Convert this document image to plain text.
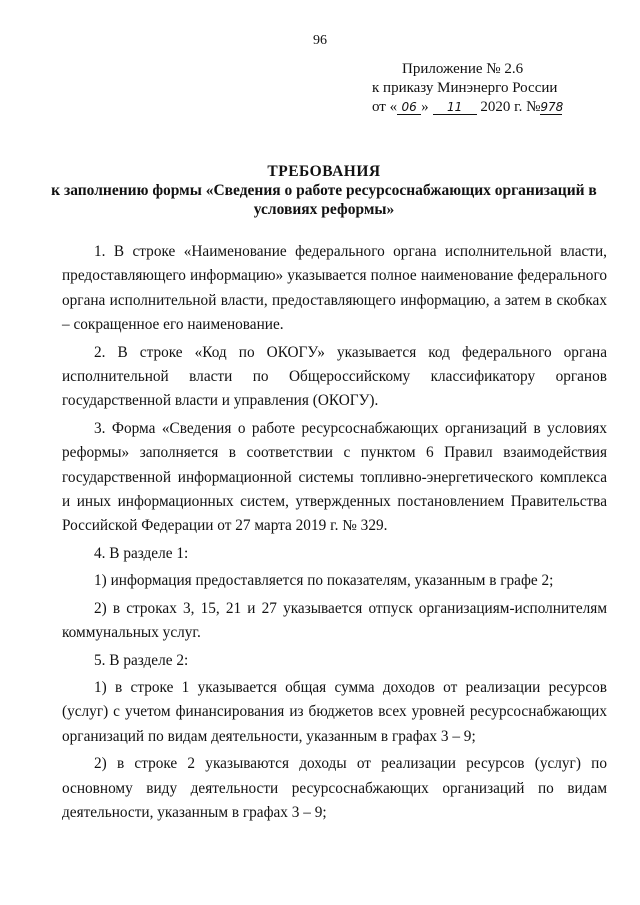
96
Приложение № 2.6
к приказу Минэнерго России
от « 06 » 11 2020 г. №978
ТРЕБОВАНИЯ
к заполнению формы «Сведения о работе ресурсоснабжающих организаций в условиях реформы»

1. В строке «Наименование федерального органа исполнительной власти, предоставляющего информацию» указывается полное наименование федерального органа исполнительной власти, предоставляющего информацию, а затем в скобках – сокращенное его наименование.

2. В строке «Код по ОКОГУ» указывается код федерального органа исполнительной власти по Общероссийскому классификатору органов государственной власти и управления (ОКОГУ).

3. Форма «Сведения о работе ресурсоснабжающих организаций в условиях реформы» заполняется в соответствии с пунктом 6 Правил взаимодействия государственной информационной системы топливно-энергетического комплекса и иных информационных систем, утвержденных постановлением Правительства Российской Федерации от 27 марта 2019 г. № 329.

4. В разделе 1:

1) информация предоставляется по показателям, указанным в графе 2;

2) в строках 3, 15, 21 и 27 указывается отпуск организациям-исполнителям коммунальных услуг.

5. В разделе 2:

1) в строке 1 указывается общая сумма доходов от реализации ресурсов (услуг) с учетом финансирования из бюджетов всех уровней ресурсоснабжающих организаций по видам деятельности, указанным в графах 3 – 9;

2) в строке 2 указываются доходы от реализации ресурсов (услуг) по основному виду деятельности ресурсоснабжающих организаций по видам деятельности, указанным в графах 3 – 9;
